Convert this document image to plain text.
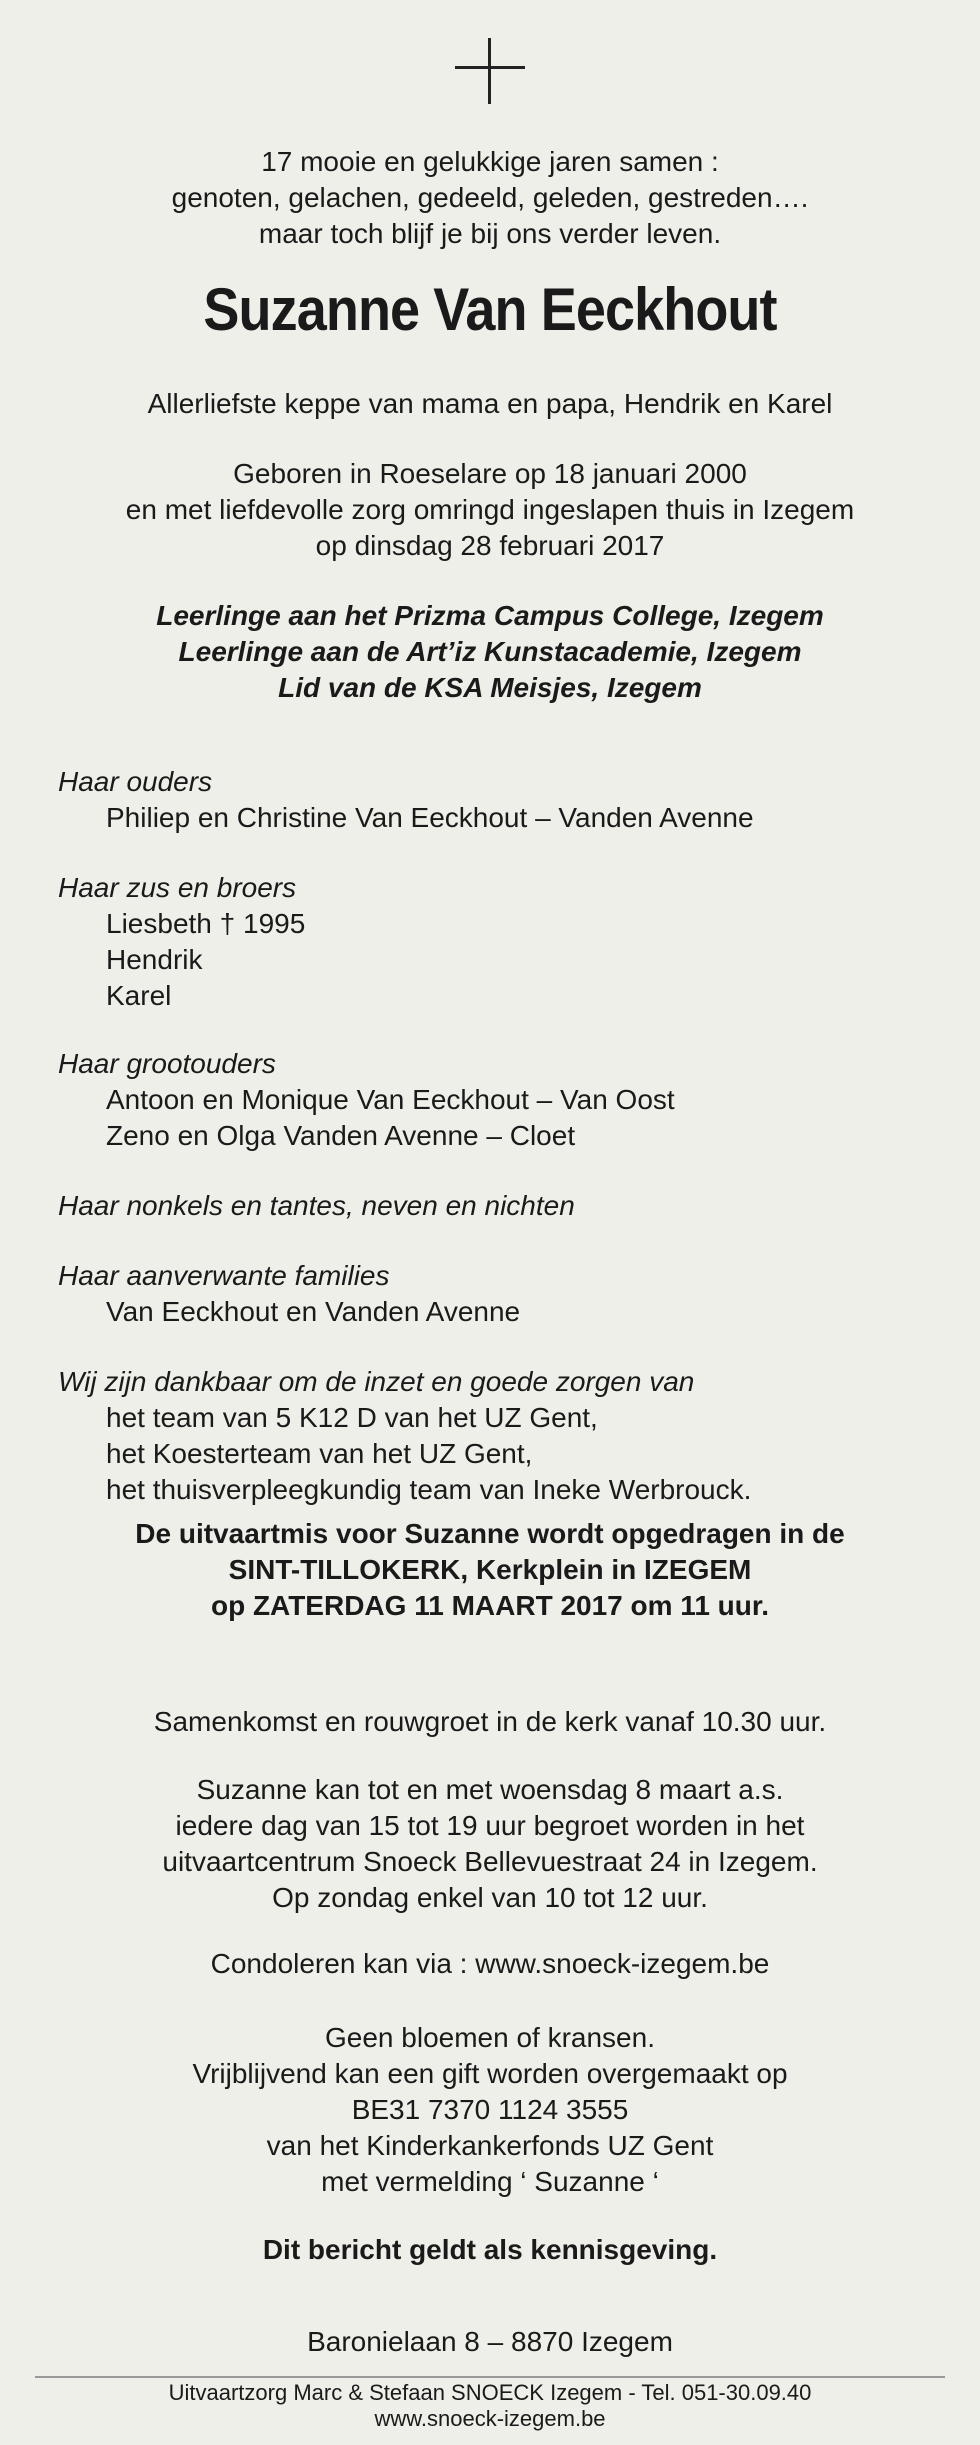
17 mooie en gelukkige jaren samen :
genoten, gelachen, gedeeld, geleden, gestreden….
maar toch blijf je bij ons verder leven.
Suzanne Van Eeckhout

Allerliefste keppe van mama en papa, Hendrik en Karel

Geboren in Roeselare op 18 januari 2000
en met liefdevolle zorg omringd ingeslapen thuis in Izegem
op dinsdag 28 februari 2017
Leerlinge aan het Prizma Campus College, Izegem
Leerlinge aan de Art’iz Kunstacademie, Izegem
Lid van de KSA Meisjes, Izegem
Haar ouders
Philiep en Christine Van Eeckhout – Vanden Avenne
Haar zus en broers
Liesbeth † 1995
Hendrik
Karel
Haar grootouders
Antoon en Monique Van Eeckhout – Van Oost
Zeno en Olga Vanden Avenne – Cloet
Haar nonkels en tantes, neven en nichten
Haar aanverwante families
Van Eeckhout en Vanden Avenne
Wij zijn dankbaar om de inzet en goede zorgen van
het team van 5 K12 D van het UZ Gent,
het Koesterteam van het UZ Gent,
het thuisverpleegkundig team van Ineke Werbrouck.
De uitvaartmis voor Suzanne wordt opgedragen in de
SINT-TILLOKERK, Kerkplein in IZEGEM
op ZATERDAG 11 MAART 2017 om 11 uur.

Samenkomst en rouwgroet in de kerk vanaf 10.30 uur.

Suzanne kan tot en met woensdag 8 maart a.s.
iedere dag van 15 tot 19 uur begroet worden in het
uitvaartcentrum Snoeck Bellevuestraat 24 in Izegem.
Op zondag enkel van 10 tot 12 uur.

Condoleren kan via : www.snoeck-izegem.be

Geen bloemen of kransen.
Vrijblijvend kan een gift worden overgemaakt op
BE31 7370 1124 3555
van het Kinderkankerfonds UZ Gent
met vermelding ‘ Suzanne ‘

Dit bericht geldt als kennisgeving.

Baronielaan 8 – 8870 Izegem

Uitvaartzorg Marc & Stefaan SNOECK Izegem - Tel. 051-30.09.40
www.snoeck-izegem.be
